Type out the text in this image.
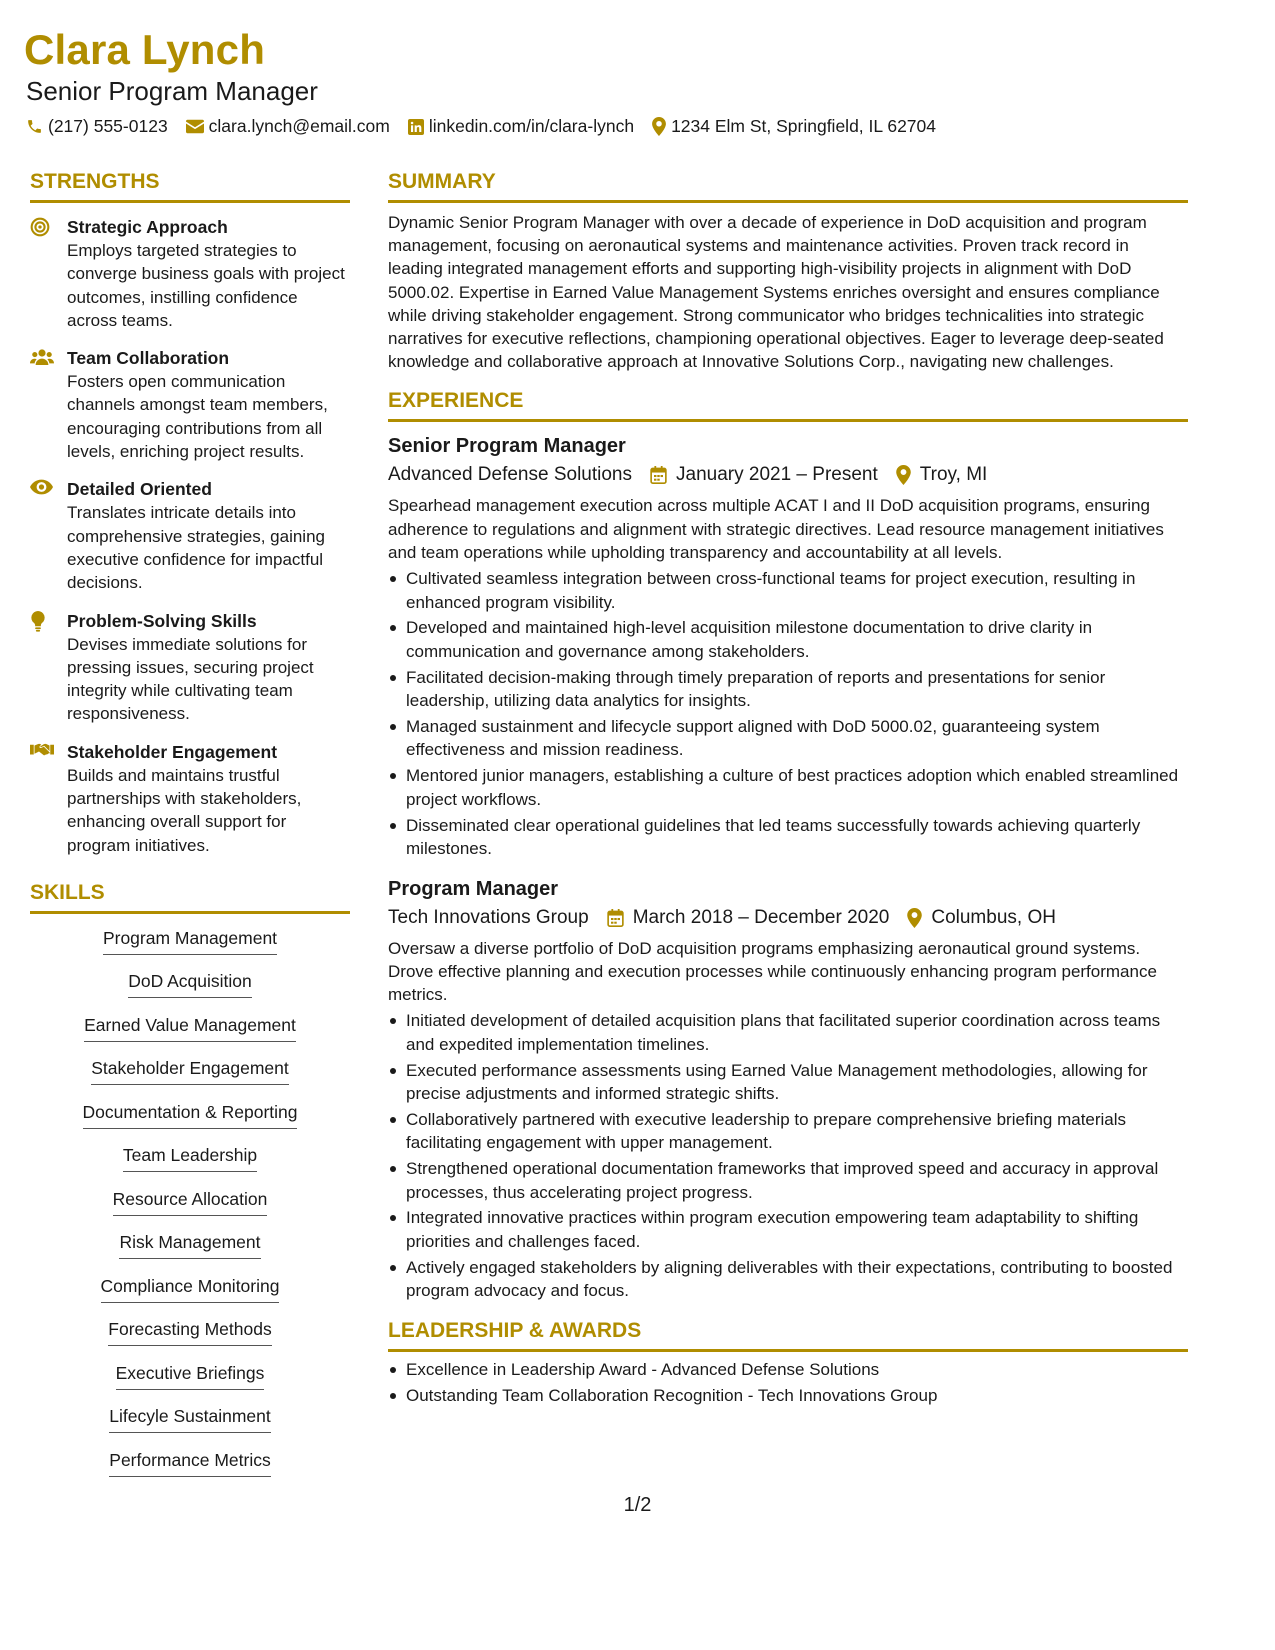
Clara Lynch
Senior Program Manager
(217) 555-0123 clara.lynch@email.com linkedin.com/in/clara-lynch 1234 Elm St, Springfield, IL 62704
STRENGTHS
Strategic Approach
Employs targeted strategies to converge business goals with project outcomes, instilling confidence across teams.
Team Collaboration
Fosters open communication channels amongst team members, encouraging contributions from all levels, enriching project results.
Detailed Oriented
Translates intricate details into comprehensive strategies, gaining executive confidence for impactful decisions.
Problem-Solving Skills
Devises immediate solutions for pressing issues, securing project integrity while cultivating team responsiveness.
Stakeholder Engagement
Builds and maintains trustful partnerships with stakeholders, enhancing overall support for program initiatives.
SKILLS
Program Management
DoD Acquisition
Earned Value Management
Stakeholder Engagement
Documentation & Reporting
Team Leadership
Resource Allocation
Risk Management
Compliance Monitoring
Forecasting Methods
Executive Briefings
Lifecyle Sustainment
Performance Metrics
SUMMARY
Dynamic Senior Program Manager with over a decade of experience in DoD acquisition and program management, focusing on aeronautical systems and maintenance activities. Proven track record in leading integrated management efforts and supporting high-visibility projects in alignment with DoD 5000.02. Expertise in Earned Value Management Systems enriches oversight and ensures compliance while driving stakeholder engagement. Strong communicator who bridges technicalities into strategic narratives for executive reflections, championing operational objectives. Eager to leverage deep-seated knowledge and collaborative approach at Innovative Solutions Corp., navigating new challenges.
EXPERIENCE
Senior Program Manager
Advanced Defense Solutions January 2021 – Present Troy, MI
Spearhead management execution across multiple ACAT I and II DoD acquisition programs, ensuring adherence to regulations and alignment with strategic directives. Lead resource management initiatives and team operations while upholding transparency and accountability at all levels.
Cultivated seamless integration between cross-functional teams for project execution, resulting in enhanced program visibility.
Developed and maintained high-level acquisition milestone documentation to drive clarity in communication and governance among stakeholders.
Facilitated decision-making through timely preparation of reports and presentations for senior leadership, utilizing data analytics for insights.
Managed sustainment and lifecycle support aligned with DoD 5000.02, guaranteeing system effectiveness and mission readiness.
Mentored junior managers, establishing a culture of best practices adoption which enabled streamlined project workflows.
Disseminated clear operational guidelines that led teams successfully towards achieving quarterly milestones.
Program Manager
Tech Innovations Group March 2018 – December 2020 Columbus, OH
Oversaw a diverse portfolio of DoD acquisition programs emphasizing aeronautical ground systems. Drove effective planning and execution processes while continuously enhancing program performance metrics.
Initiated development of detailed acquisition plans that facilitated superior coordination across teams and expedited implementation timelines.
Executed performance assessments using Earned Value Management methodologies, allowing for precise adjustments and informed strategic shifts.
Collaboratively partnered with executive leadership to prepare comprehensive briefing materials facilitating engagement with upper management.
Strengthened operational documentation frameworks that improved speed and accuracy in approval processes, thus accelerating project progress.
Integrated innovative practices within program execution empowering team adaptability to shifting priorities and challenges faced.
Actively engaged stakeholders by aligning deliverables with their expectations, contributing to boosted program advocacy and focus.
LEADERSHIP & AWARDS
Excellence in Leadership Award - Advanced Defense Solutions
Outstanding Team Collaboration Recognition - Tech Innovations Group
1/2
